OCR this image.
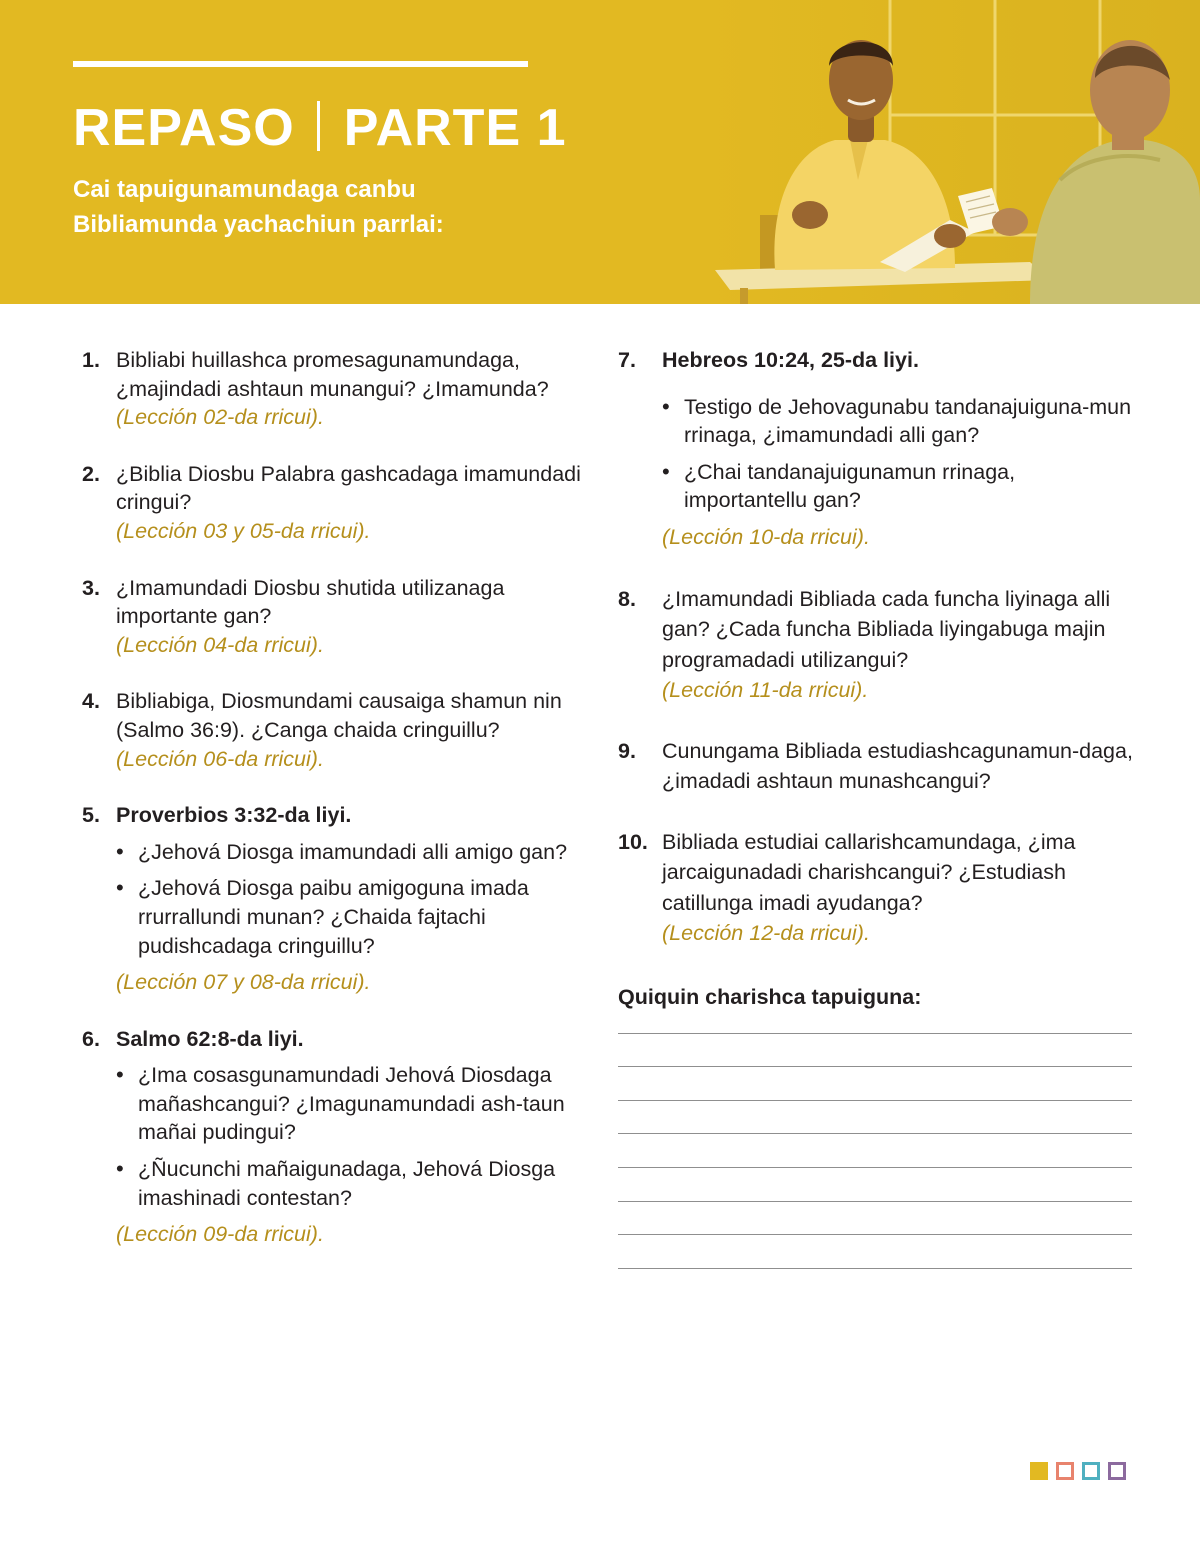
REPASO PARTE 1
Cai tapuigunamundaga canbu
Bibliamunda yachachiun parrlai:
1. Bibliabi huillashca promesagunamundaga, ¿majindadi ashtaun munangui? ¿Imamunda?
(Lección 02-da rricui).
2. ¿Biblia Diosbu Palabra gashcadaga imamundadi cringui?
(Lección 03 y 05-da rricui).
3. ¿Imamundadi Diosbu shutida utilizanaga importante gan?
(Lección 04-da rricui).
4. Bibliabiga, Diosmundami causaiga shamun nin (Salmo 36:9). ¿Canga chaida cringuillu?
(Lección 06-da rricui).
5. Proverbios 3:32-da liyi.
• ¿Jehová Diosga imamundadi alli amigo gan?
• ¿Jehová Diosga paibu amigoguna imada rrurrallundi munan? ¿Chaida fajtachi pudishcadaga cringuillu?
(Lección 07 y 08-da rricui).
6. Salmo 62:8-da liyi.
• ¿Ima cosasgunamundadi Jehová Diosdaga mañashcangui? ¿Imagunamundadi ash-taun mañai pudingui?
• ¿Ñucunchi mañaigunadaga, Jehová Diosga imashinadi contestan?
(Lección 09-da rricui).
7. Hebreos 10:24, 25-da liyi.
• Testigo de Jehovagunabu tandanajuiguna-mun rrinaga, ¿imamundadi alli gan?
• ¿Chai tandanajuigunamun rrinaga, importantellu gan?
(Lección 10-da rricui).
8. ¿Imamundadi Bibliada cada funcha liyinaga alli gan? ¿Cada funcha Bibliada liyingabuga majin programadadi utilizangui?
(Lección 11-da rricui).
9. Cunungama Bibliada estudiashcagunamun-daga, ¿imadadi ashtaun munashcangui?
10. Bibliada estudiai callarishcamundaga, ¿ima jarcaigunadadi charishcangui? ¿Estudiash catillunga imadi ayudanga?
(Lección 12-da rricui).
Quiquin charishca tapuiguna:
